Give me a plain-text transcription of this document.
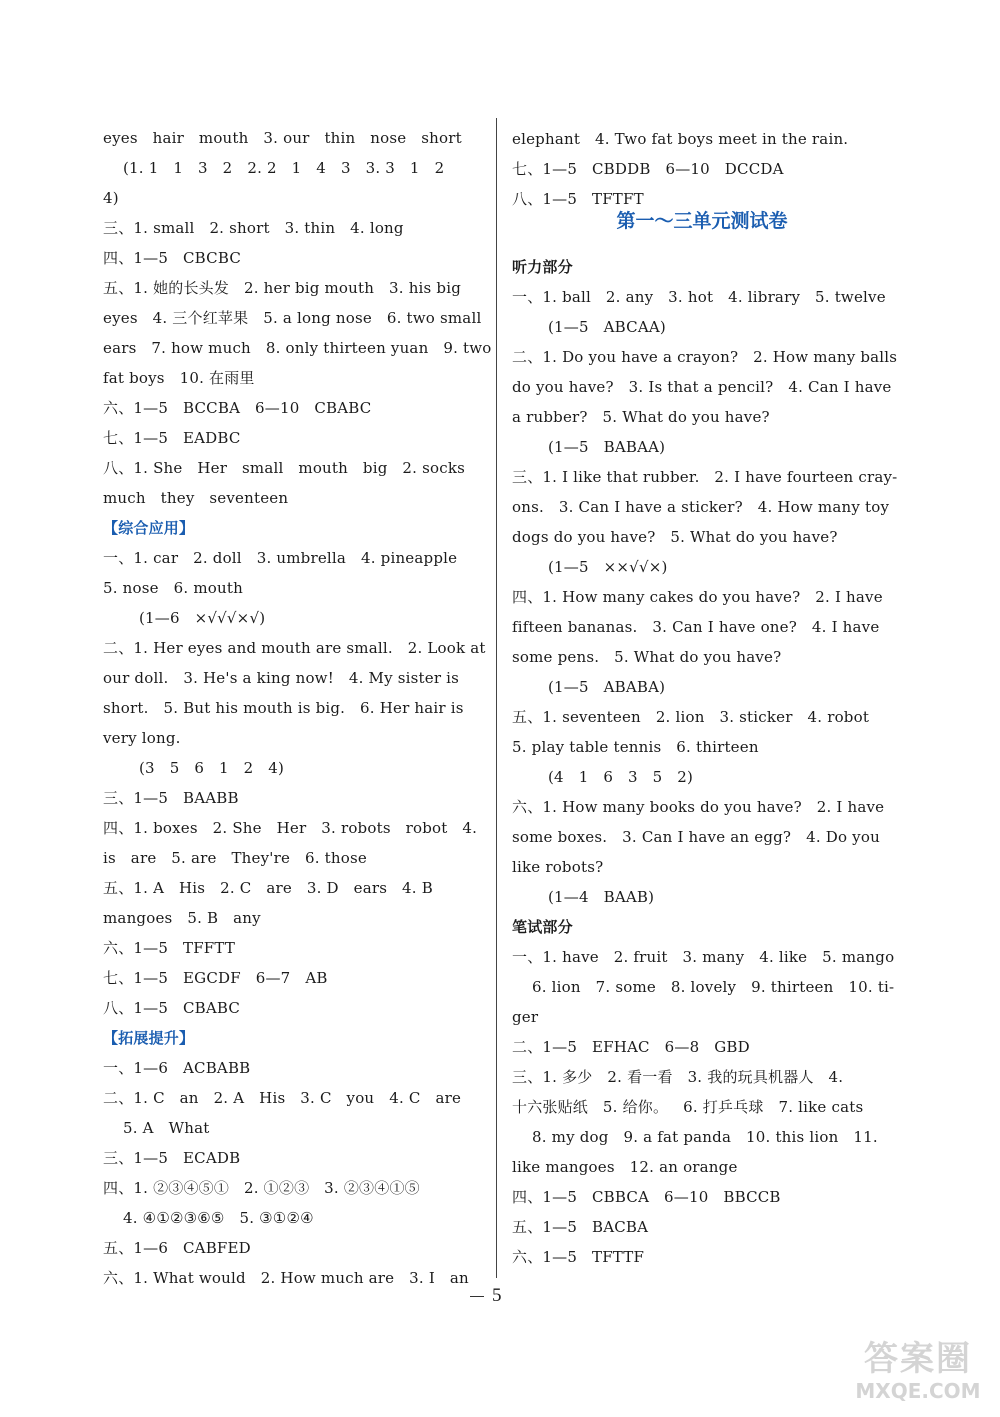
eyes   hair   mouth   3. our   thin   nose   short
(1. 1   1   3   2   2. 2   1   4   3   3. 3   1   2
4)
三、1. small   2. short   3. thin   4. long
四、1—5   CBCBC
五、1. 她的长头发   2. her big mouth   3. his big
eyes   4. 三个红苹果   5. a long nose   6. two small
ears   7. how much   8. only thirteen yuan   9. two
fat boys   10. 在雨里
六、1—5   BCCBA   6—10   CBABC
七、1—5   EADBC
八、1. She   Her   small   mouth   big   2. socks
much   they   seventeen
【综合应用】
一、1. car   2. doll   3. umbrella   4. pineapple
5. nose   6. mouth
(1—6   ×√√√×√)
二、1. Her eyes and mouth are small.   2. Look at
our doll.   3. He's a king now!   4. My sister is
short.   5. But his mouth is big.   6. Her hair is
very long.
(3   5   6   1   2   4)
三、1—5   BAABB
四、1. boxes   2. She   Her   3. robots   robot   4.
is   are   5. are   They're   6. those
五、1. A   His   2. C   are   3. D   ears   4. B
mangoes   5. B   any
六、1—5   TFFTT
七、1—5   EGCDF   6—7   AB
八、1—5   CBABC
【拓展提升】
一、1—6   ACBABB
二、1. C   an   2. A   His   3. C   you   4. C   are
5. A   What
三、1—5   ECADB
四、1. ②③④⑤①   2. ①②③   3. ②③④①⑤
4. ④①②③⑥⑤   5. ③①②④
五、1—6   CABFED
六、1. What would   2. How much are   3. I   an
第一～三单元测试卷
elephant   4. Two fat boys meet in the rain.
七、1—5   CBDDB   6—10   DCCDA
八、1—5   TFTFT
听力部分
一、1. ball   2. any   3. hot   4. library   5. twelve
(1—5   ABCAA)
二、1. Do you have a crayon?   2. How many balls
do you have?   3. Is that a pencil?   4. Can I have
a rubber?   5. What do you have?
(1—5   BABAA)
三、1. I like that rubber.   2. I have fourteen cray-
ons.   3. Can I have a sticker?   4. How many toy
dogs do you have?   5. What do you have?
(1—5   ××√√×)
四、1. How many cakes do you have?   2. I have
fifteen bananas.   3. Can I have one?   4. I have
some pens.   5. What do you have?
(1—5   ABABA)
五、1. seventeen   2. lion   3. sticker   4. robot
5. play table tennis   6. thirteen
(4   1   6   3   5   2)
六、1. How many books do you have?   2. I have
some boxes.   3. Can I have an egg?   4. Do you
like robots?
(1—4   BAAB)
笔试部分
一、1. have   2. fruit   3. many   4. like   5. mango
6. lion   7. some   8. lovely   9. thirteen   10. ti-
ger
二、1—5   EFHAC   6—8   GBD
三、1. 多少   2. 看一看   3. 我的玩具机器人   4.
十六张贴纸   5. 给你。   6. 打乒乓球   7. like cats
8. my dog   9. a fat panda   10. this lion   11.
like mangoes   12. an orange
四、1—5   CBBCA   6—10   BBCCB
五、1—5   BACBA
六、1—5   TFTTF
5
答案圈
MXQE.COM
